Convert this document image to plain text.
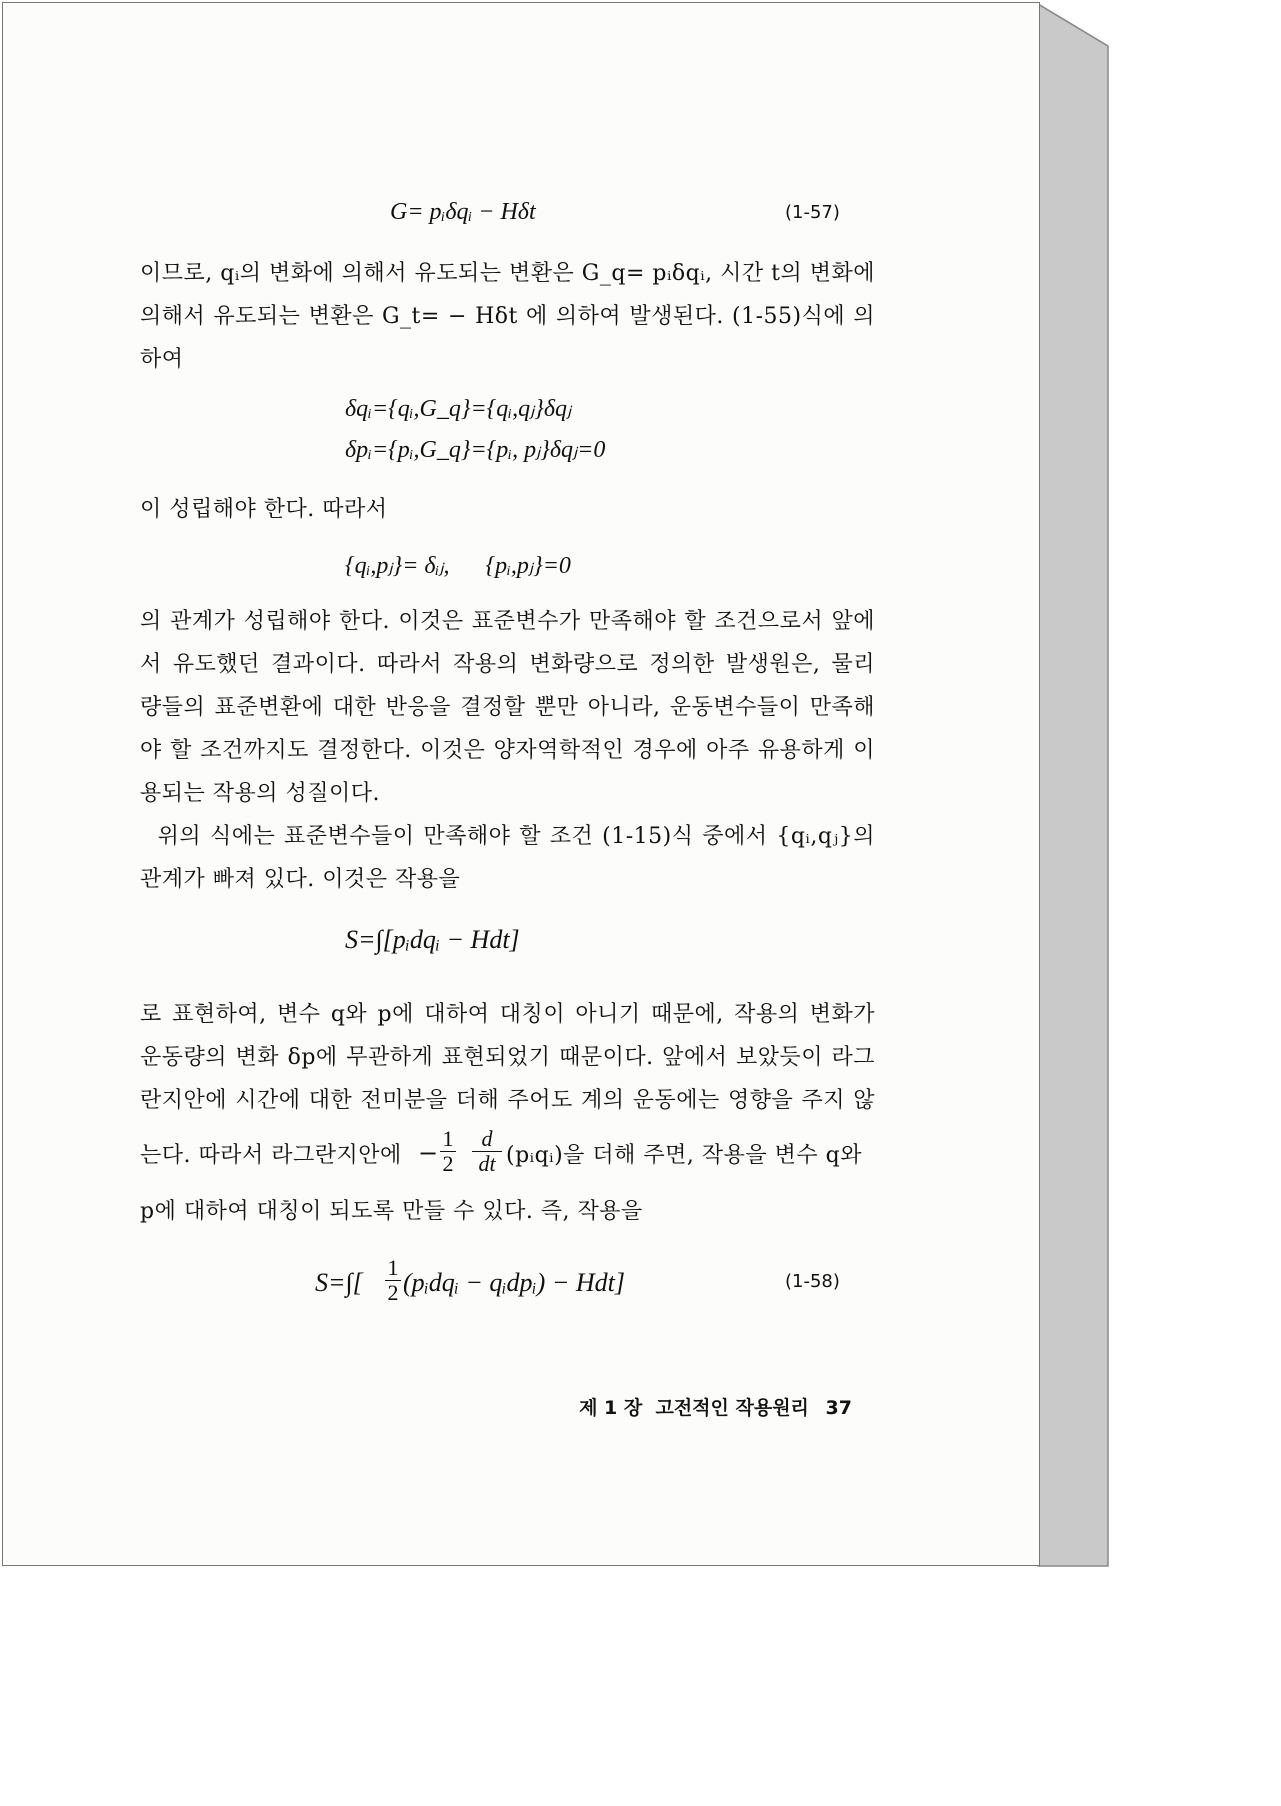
G= pᵢδqᵢ − Hδt	(1-57)

이므로, qᵢ의 변화에 의해서 유도되는 변환은 G_q= pᵢδqᵢ, 시간 t의 변화에

의해서 유도되는 변환은 G_t= − Hδt 에 의하여 발생된다. (1-55)식에 의

하여

δqᵢ={qᵢ,G_q}={qᵢ,qⱼ}δqⱼ
δpᵢ={pᵢ,G_q}={pᵢ, pⱼ}δqⱼ=0

이 성립해야 한다. 따라서

{qᵢ,pⱼ}= δᵢⱼ,      {pᵢ,pⱼ}=0

의 관계가 성립해야 한다. 이것은 표준변수가 만족해야 할 조건으로서 앞에

서 유도했던 결과이다. 따라서 작용의 변화량으로 정의한 발생원은, 물리

량들의 표준변환에 대한 반응을 결정할 뿐만 아니라, 운동변수들이 만족해

야 할 조건까지도 결정한다. 이것은 양자역학적인 경우에 아주 유용하게 이

용되는 작용의 성질이다.

위의 식에는 표준변수들이 만족해야 할 조건 (1-15)식 중에서 {qᵢ,qⱼ}의

관계가 빠져 있다. 이것은 작용을

S=∫[pᵢdqᵢ − Hdt]

로 표현하여, 변수 q와 p에 대하여 대칭이 아니기 때문에, 작용의 변화가

운동량의 변화 δp에 무관하게 표현되었기 때문이다. 앞에서 보았듯이 라그

란지안에 시간에 대한 전미분을 더해 주어도 계의 운동에는 영향을 주지 않

는다. 따라서 라그란지안에 − $\frac{1}{2} \frac{d}{dt}$ (pᵢqᵢ)을 더해 주면, 작용을 변수 q와

p에 대하여 대칭이 되도록 만들 수 있다. 즉, 작용을

$S=\int[ \frac{1}{2}$ (pᵢdqᵢ − qᵢdpᵢ) − Hdt]	(1-58)
제 1 장  고전적인 작용원리 37
